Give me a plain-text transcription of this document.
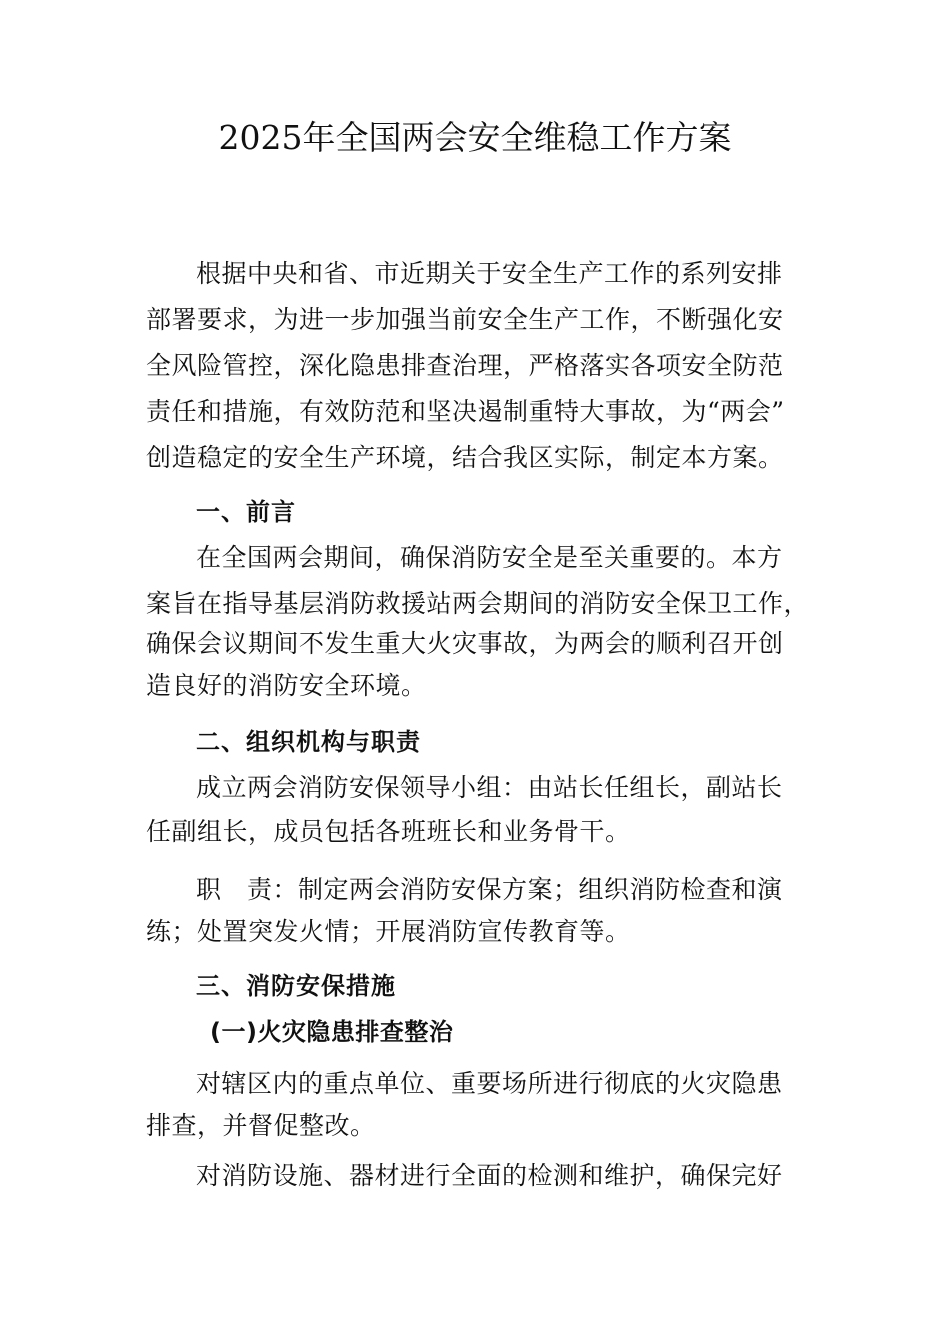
2025年全国两会安全维稳工作方案
根据中央和省、市近期关于安全生产工作的系列安排
部署要求，为进一步加强当前安全生产工作，不断强化安
全风险管控，深化隐患排查治理，严格落实各项安全防范
责任和措施，有效防范和坚决遏制重特大事故，为“两会”
创造稳定的安全生产环境，结合我区实际，制定本方案。
一、前言
在全国两会期间，确保消防安全是至关重要的。本方
案旨在指导基层消防救援站两会期间的消防安全保卫工作，
确保会议期间不发生重大火灾事故，为两会的顺利召开创
造良好的消防安全环境。
二、组织机构与职责
成立两会消防安保领导小组：由站长任组长，副站长
任副组长，成员包括各班班长和业务骨干。
职　责：制定两会消防安保方案；组织消防检查和演
练；处置突发火情；开展消防宣传教育等。
三、消防安保措施
(一)火灾隐患排查整治
对辖区内的重点单位、重要场所进行彻底的火灾隐患
排查，并督促整改。
对消防设施、器材进行全面的检测和维护，确保完好
